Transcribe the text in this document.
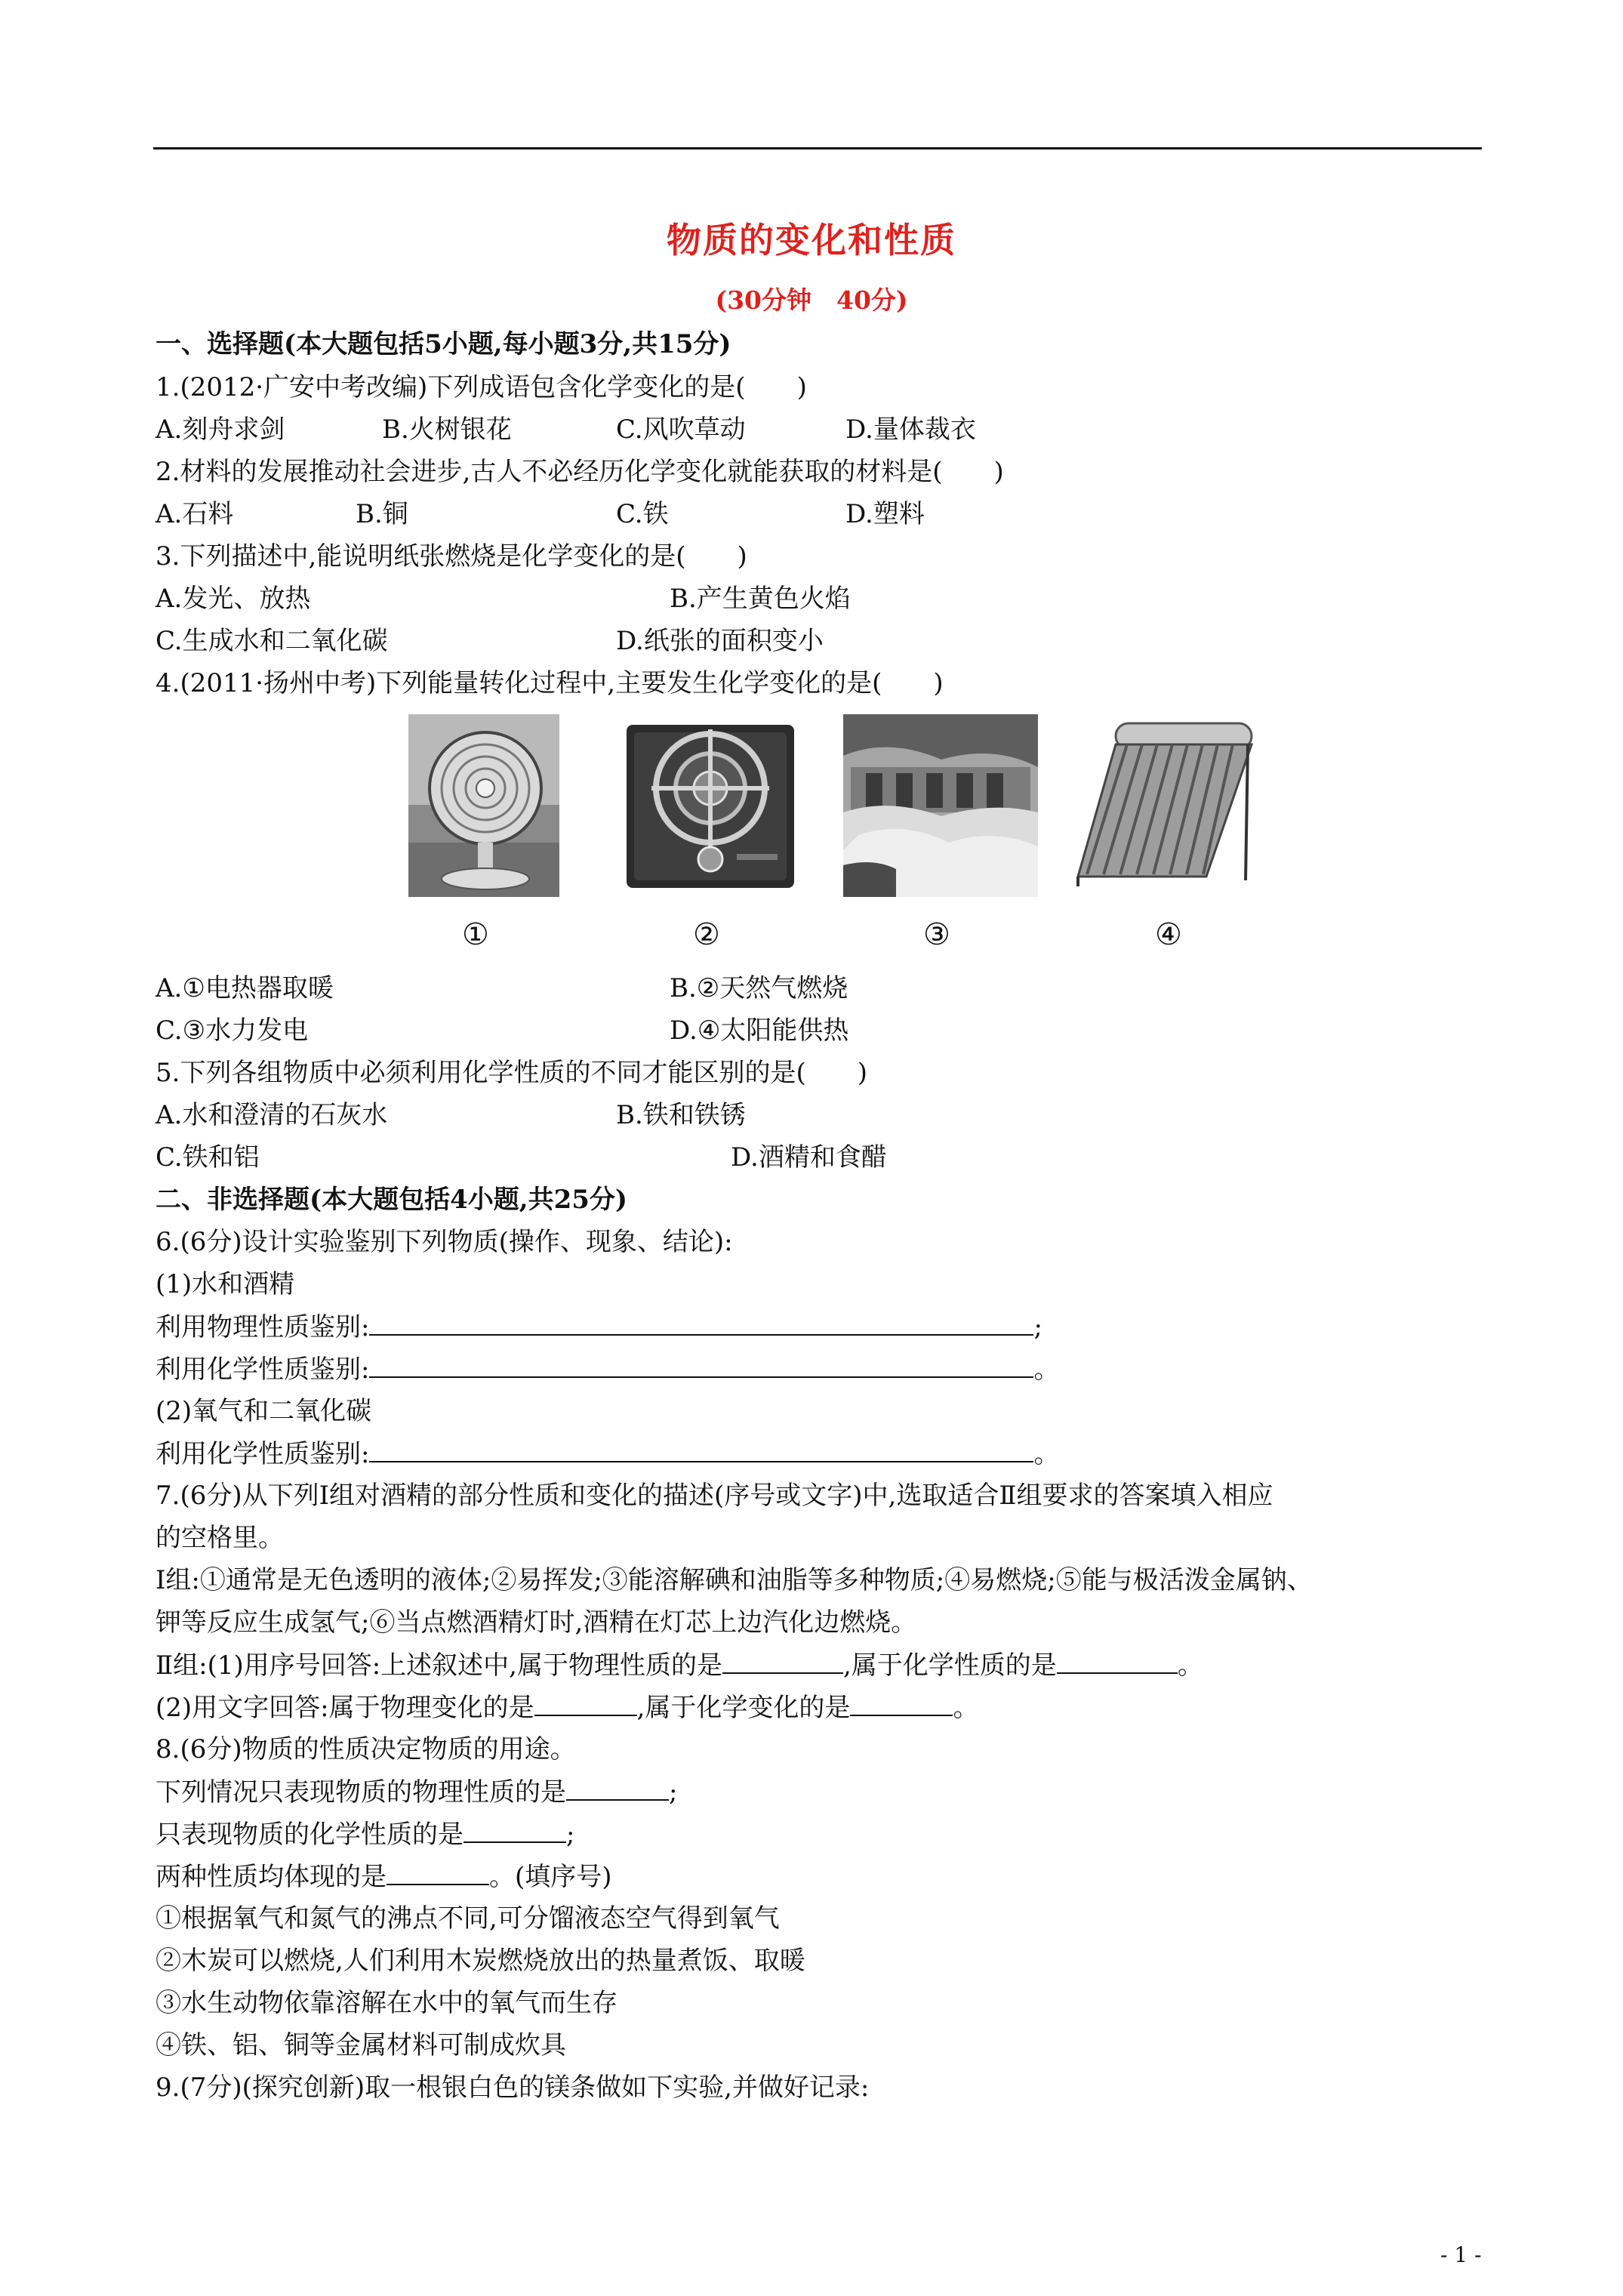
物质的变化和性质
(30分钟　40分)
一、选择题(本大题包括5小题,每小题3分,共15分)
1.(2012·广安中考改编)下列成语包含化学变化的是(　　)
A.刻舟求剑	B.火树银花	C.风吹草动	D.量体裁衣
2.材料的发展推动社会进步,古人不必经历化学变化就能获取的材料是(　　)
A.石料	B.铜	C.铁	D.塑料
3.下列描述中,能说明纸张燃烧是化学变化的是(　　)
A.发光、放热	B.产生黄色火焰
C.生成水和二氧化碳	D.纸张的面积变小
4.(2011·扬州中考)下列能量转化过程中,主要发生化学变化的是(　　)
①	②	③	④
A.①电热器取暖	B.②天然气燃烧
C.③水力发电	D.④太阳能供热
5.下列各组物质中必须利用化学性质的不同才能区别的是(　　)
A.水和澄清的石灰水	B.铁和铁锈
C.铁和铝	D.酒精和食醋
二、非选择题(本大题包括4小题,共25分)
6.(6分)设计实验鉴别下列物质(操作、现象、结论):
(1)水和酒精
利用物理性质鉴别:	;
利用化学性质鉴别:	。
(2)氧气和二氧化碳
利用化学性质鉴别:	。
7.(6分)从下列Ⅰ组对酒精的部分性质和变化的描述(序号或文字)中,选取适合Ⅱ组要求的答案填入相应
的空格里。
Ⅰ组:①通常是无色透明的液体;②易挥发;③能溶解碘和油脂等多种物质;④易燃烧;⑤能与极活泼金属钠、
钾等反应生成氢气;⑥当点燃酒精灯时,酒精在灯芯上边汽化边燃烧。
Ⅱ组:(1)用序号回答:上述叙述中,属于物理性质的是	,属于化学性质的是	。
(2)用文字回答:属于物理变化的是	,属于化学变化的是	。
8.(6分)物质的性质决定物质的用途。
下列情况只表现物质的物理性质的是	;
只表现物质的化学性质的是	;
两种性质均体现的是	。(填序号)
①根据氧气和氮气的沸点不同,可分馏液态空气得到氧气
②木炭可以燃烧,人们利用木炭燃烧放出的热量煮饭、取暖
③水生动物依靠溶解在水中的氧气而生存
④铁、铝、铜等金属材料可制成炊具
9.(7分)(探究创新)取一根银白色的镁条做如下实验,并做好记录:
- 1 -
